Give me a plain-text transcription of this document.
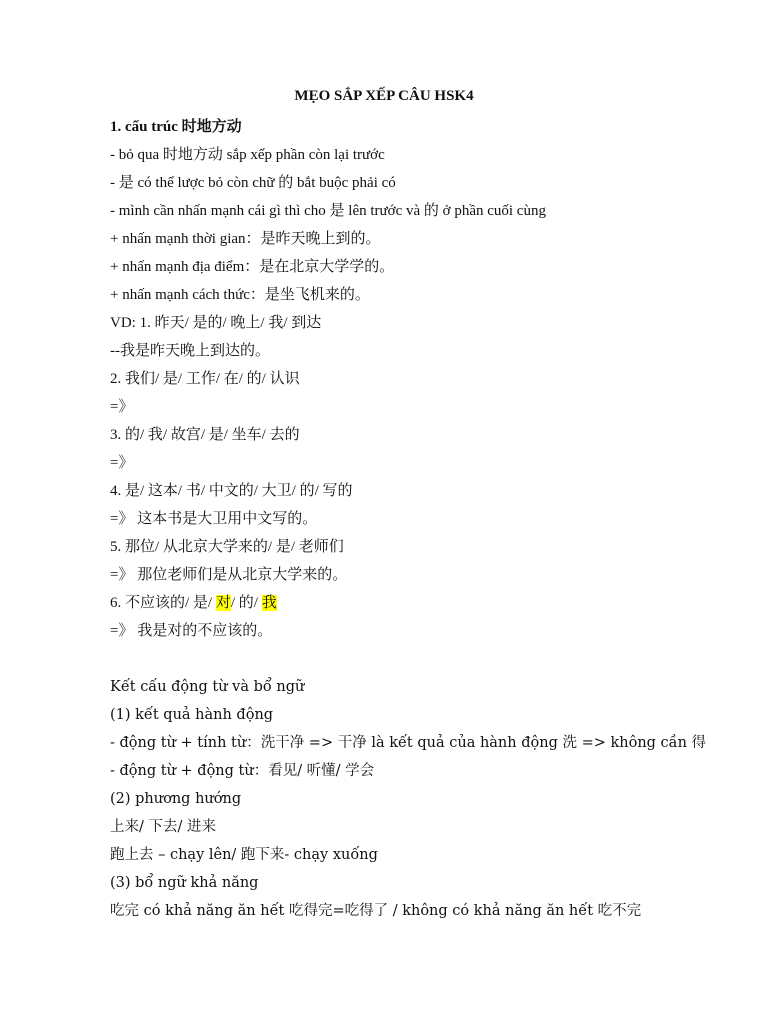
MẸO SẮP XẾP CÂU HSK4
1. cấu trúc 时地方动
- bỏ qua 时地方动 sắp xếp phần còn lại trước
- 是 có thể lược bỏ còn chữ 的 bắt buộc phải có
- mình cần nhấn mạnh cái gì thì cho 是 lên trước và 的 ở phần cuối cùng
+ nhấn mạnh thời gian：是昨天晚上到的。
+ nhấn mạnh địa điểm：是在北京大学学的。
+ nhấn mạnh cách thức：是坐飞机来的。
VD: 1. 昨天/ 是的/ 晚上/ 我/ 到达
--我是昨天晚上到达的。
2. 我们/ 是/ 工作/ 在/ 的/ 认识
=》
3. 的/ 我/ 故宫/ 是/ 坐车/ 去的
=》
4. 是/ 这本/ 书/ 中文的/ 大卫/ 的/ 写的
=》 这本书是大卫用中文写的。
5. 那位/ 从北京大学来的/ 是/ 老师们
=》 那位老师们是从北京大学来的。
6. 不应该的/ 是/ 对/ 的/ 我
=》 我是对的不应该的。
Kết cấu động từ và bổ ngữ
(1) kết quả hành động
- động từ + tính từ：洗干净 => 干净 là kết quả của hành động 洗 => không cần 得
- động từ + động từ：看见/ 听懂/ 学会
(2) phương hướng
上来/ 下去/ 进来
跑上去 – chạy lên/ 跑下来- chạy xuống
(3) bổ ngữ khả năng
吃完 có khả năng ăn hết 吃得完=吃得了 / không có khả năng ăn hết 吃不完
